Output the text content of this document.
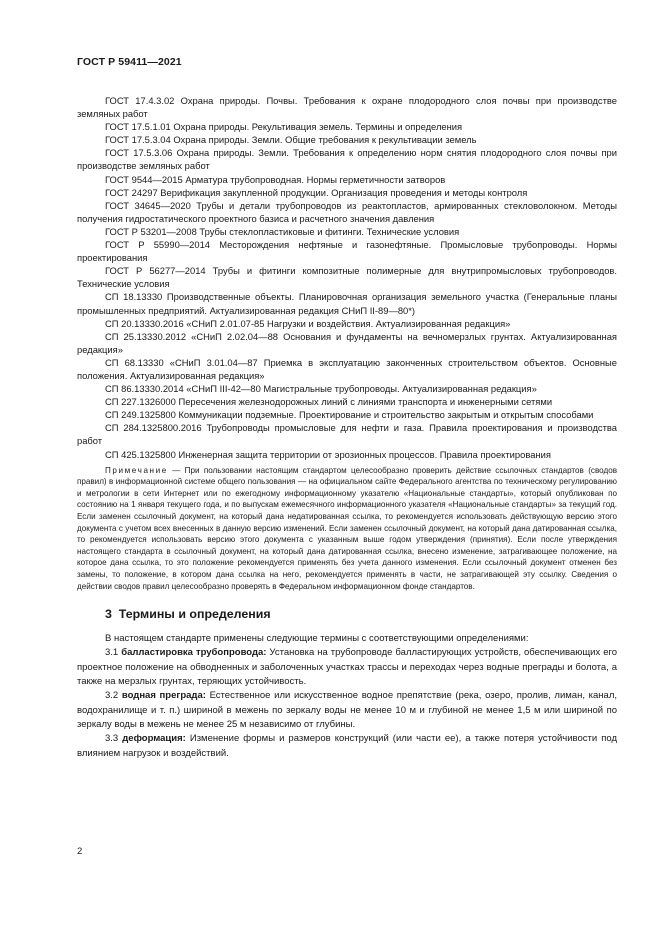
ГОСТ Р 59411—2021

ГОСТ 17.4.3.02 Охрана природы. Почвы. Требования к охране плодородного слоя почвы при производстве земляных работ

ГОСТ 17.5.1.01 Охрана природы. Рекультивация земель. Термины и определения

ГОСТ 17.5.3.04 Охрана природы. Земли. Общие требования к рекультивации земель

ГОСТ 17.5.3.06 Охрана природы. Земли. Требования к определению норм снятия плодородного слоя почвы при производстве земляных работ

ГОСТ 9544—2015 Арматура трубопроводная. Нормы герметичности затворов

ГОСТ 24297 Верификация закупленной продукции. Организация проведения и методы контроля

ГОСТ 34645—2020 Трубы и детали трубопроводов из реактопластов, армированных стекловолокном. Методы получения гидростатического проектного базиса и расчетного значения давления

ГОСТ Р 53201—2008 Трубы стеклопластиковые и фитинги. Технические условия

ГОСТ Р 55990—2014 Месторождения нефтяные и газонефтяные. Промысловые трубопроводы. Нормы проектирования

ГОСТ Р 56277—2014 Трубы и фитинги композитные полимерные для внутрипромысловых трубопроводов. Технические условия

СП 18.13330 Производственные объекты. Планировочная организация земельного участка (Генеральные планы промышленных предприятий. Актуализированная редакция СНиП II-89—80*)

СП 20.13330.2016 «СНиП 2.01.07-85 Нагрузки и воздействия. Актуализированная редакция»

СП 25.13330.2012 «СНиП 2.02.04—88 Основания и фундаменты на вечномерзлых грунтах. Актуализированная редакция»

СП 68.13330 «СНиП 3.01.04—87 Приемка в эксплуатацию законченных строительством объектов. Основные положения. Актуализированная редакция»

СП 86.13330.2014 «СНиП III-42—80 Магистральные трубопроводы. Актуализированная редакция»

СП 227.1326000 Пересечения железнодорожных линий с линиями транспорта и инженерными сетями

СП 249.1325800 Коммуникации подземные. Проектирование и строительство закрытым и открытым способами

СП 284.1325800.2016 Трубопроводы промысловые для нефти и газа. Правила проектирования и производства работ

СП 425.1325800 Инженерная защита территории от эрозионных процессов. Правила проектирования

Примечание — При пользовании настоящим стандартом целесообразно проверить действие ссылочных стандартов (сводов правил) в информационной системе общего пользования — на официальном сайте Федерального агентства по техническому регулированию и метрологии в сети Интернет или по ежегодному информационному указателю «Национальные стандарты», который опубликован по состоянию на 1 января текущего года, и по выпускам ежемесячного информационного указателя «Национальные стандарты» за текущий год. Если заменен ссылочный документ, на который дана недатированная ссылка, то рекомендуется использовать действующую версию этого документа с учетом всех внесенных в данную версию изменений. Если заменен ссылочный документ, на который дана датированная ссылка, то рекомендуется использовать версию этого документа с указанным выше годом утверждения (принятия). Если после утверждения настоящего стандарта в ссылочный документ, на который дана датированная ссылка, внесено изменение, затрагивающее положение, на которое дана ссылка, то это положение рекомендуется применять без учета данного изменения. Если ссылочный документ отменен без замены, то положение, в котором дана ссылка на него, рекомендуется применять в части, не затрагивающей эту ссылку. Сведения о действии сводов правил целесообразно проверять в Федеральном информационном фонде стандартов.

3 Термины и определения

В настоящем стандарте применены следующие термины с соответствующими определениями:

3.1 балластировка трубопровода: Установка на трубопроводе балластирующих устройств, обеспечивающих его проектное положение на обводненных и заболоченных участках трассы и переходах через водные преграды и болота, а также на мерзлых грунтах, теряющих устойчивость.

3.2 водная преграда: Естественное или искусственное водное препятствие (река, озеро, пролив, лиман, канал, водохранилище и т. п.) шириной в межень по зеркалу воды не менее 10 м и глубиной не менее 1,5 м или шириной по зеркалу воды в межень не менее 25 м независимо от глубины.

3.3 деформация: Изменение формы и размеров конструкций (или части ее), а также потеря устойчивости под влиянием нагрузок и воздействий.

2
